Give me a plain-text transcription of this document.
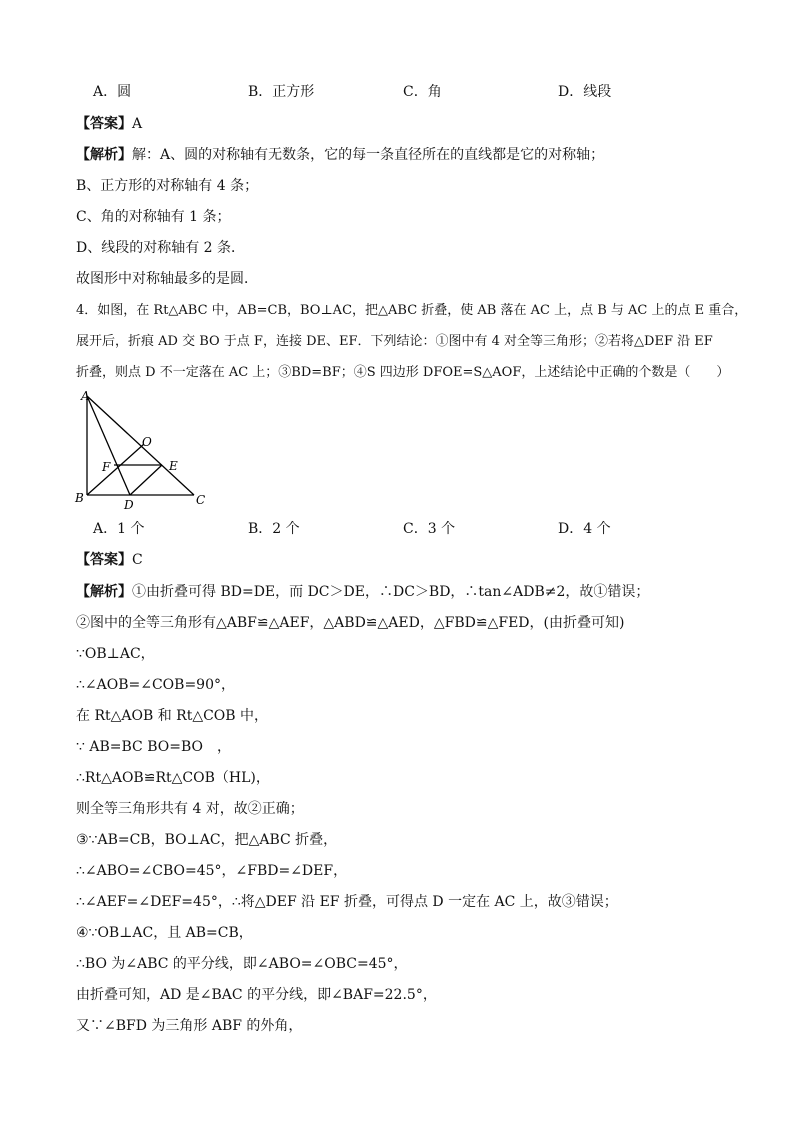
A．圆	B．正方形	C．角	D．线段
【答案】A
【解析】解：A、圆的对称轴有无数条，它的每一条直径所在的直线都是它的对称轴；
B、正方形的对称轴有 4 条；
C、角的对称轴有 1 条；
D、线段的对称轴有 2 条．
故图形中对称轴最多的是圆．
4．如图，在 Rt△ABC 中，AB=CB，BO⊥AC，把△ABC 折叠，使 AB 落在 AC 上，点 B 与 AC 上的点 E 重合，
展开后，折痕 AD 交 BO 于点 F，连接 DE、EF．下列结论：①图中有 4 对全等三角形；②若将△DEF 沿 EF
折叠，则点 D 不一定落在 AC 上；③BD=BF；④S 四边形 DFOE=S△AOF，上述结论中正确的个数是（　　）
A
B	C
D
E
F
O
A．1 个	B．2 个	C．3 个	D．4 个
【答案】C
【解析】①由折叠可得 BD=DE，而 DC＞DE，∴DC＞BD，∴tan∠ADB≠2，故①错误；
②图中的全等三角形有△ABF≌△AEF，△ABD≌△AED，△FBD≌△FED，(由折叠可知)
∵OB⊥AC，
∴∠AOB=∠COB=90°，
在 Rt△AOB 和 Rt△COB 中，
∵ AB=BC BO=BO　，
∴Rt△AOB≌Rt△COB（HL)，
则全等三角形共有 4 对，故②正确；
③∵AB=CB，BO⊥AC，把△ABC 折叠，
∴∠ABO=∠CBO=45°，∠FBD=∠DEF，
∴∠AEF=∠DEF=45°，∴将△DEF 沿 EF 折叠，可得点 D 一定在 AC 上，故③错误；
④∵OB⊥AC，且 AB=CB，
∴BO 为∠ABC 的平分线，即∠ABO=∠OBC=45°，
由折叠可知，AD 是∠BAC 的平分线，即∠BAF=22.5°，
又∵∠BFD 为三角形 ABF 的外角，
